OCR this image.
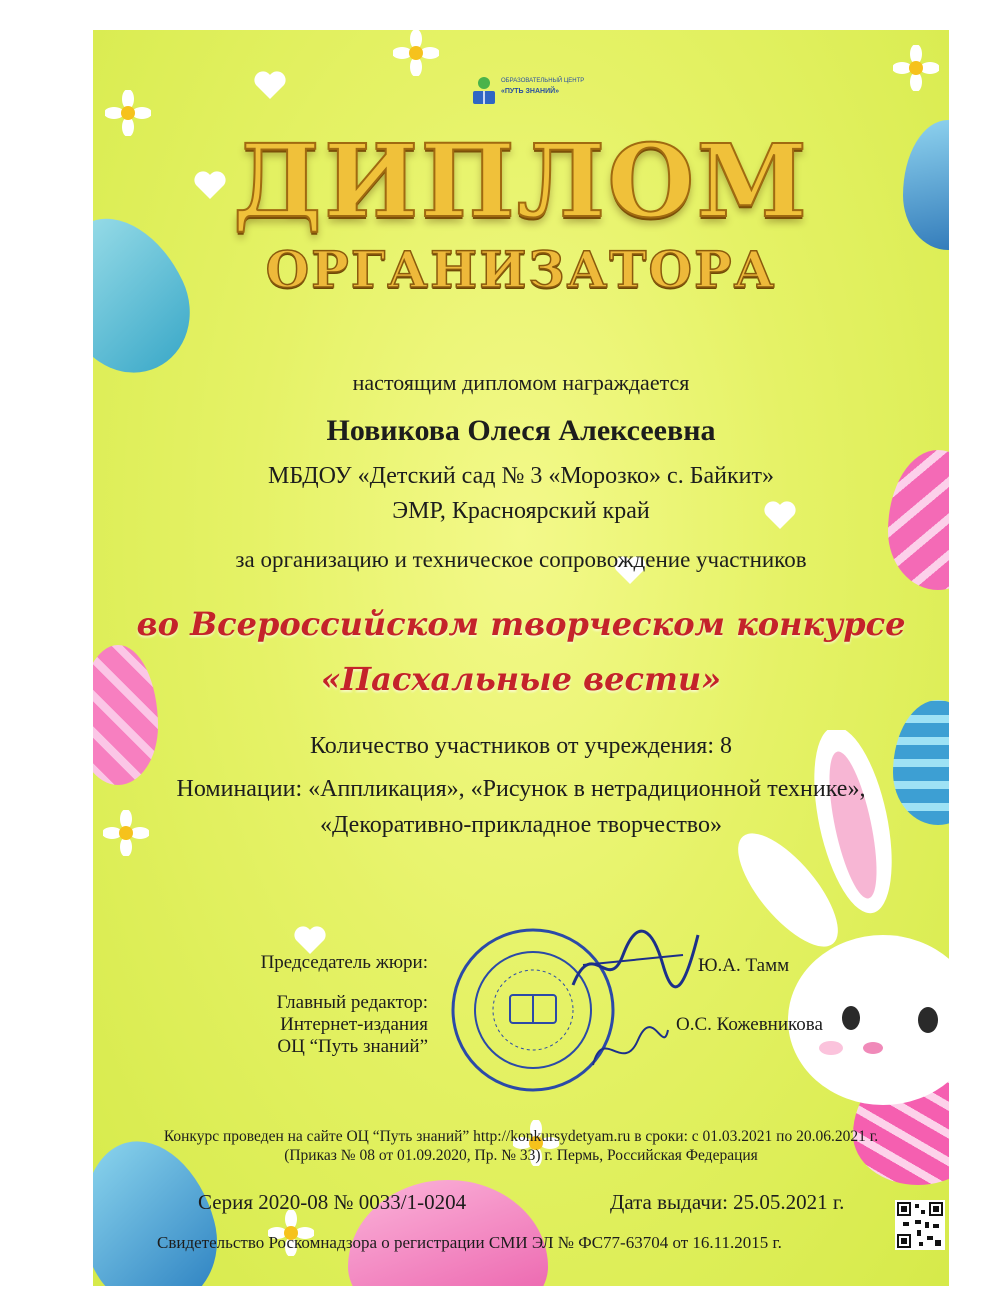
ОБРАЗОВАТЕЛЬНЫЙ ЦЕНТР
«ПУТЬ ЗНАНИЙ»
ДИПЛОМ
ОРГАНИЗАТОРА
настоящим дипломом награждается
Новикова Олеся Алексеевна
МБДОУ «Детский сад № 3 «Морозко» с. Байкит»
ЭМР, Красноярский край
за организацию и техническое сопровождение участников
во Всероссийском творческом конкурсе
«Пасхальные вести»
Количество участников от учреждения: 8
Номинации: «Аппликация», «Рисунок в нетрадиционной технике»,
«Декоративно-прикладное творчество»
Председатель жюри:
Главный редактор:
Интернет-издания
ОЦ “Путь знаний”
Ю.А. Тамм
О.С. Кожевникова
Конкурс проведен на сайте ОЦ “Путь знаний” http://konkursydetyam.ru в сроки: с 01.03.2021 по 20.06.2021 г.
(Приказ № 08 от 01.09.2020, Пр. № 33) г. Пермь, Российская Федерация
Серия 2020-08 № 0033/1-0204	Дата выдачи: 25.05.2021 г.
Свидетельство Роскомнадзора о регистрации СМИ ЭЛ № ФС77-63704 от 16.11.2015 г.
